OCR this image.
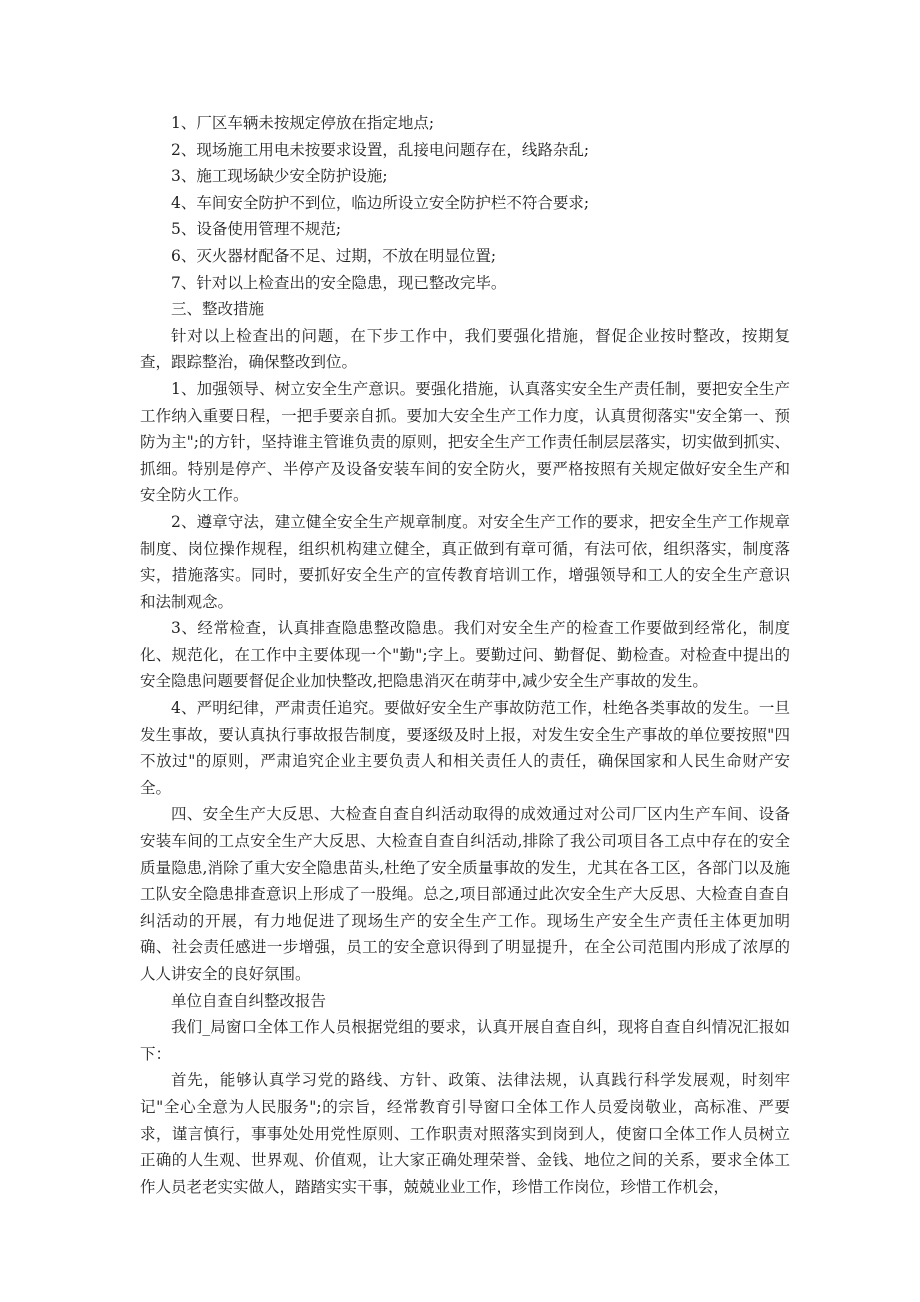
1、厂区车辆未按规定停放在指定地点;

2、现场施工用电未按要求设置，乱接电问题存在，线路杂乱;

3、施工现场缺少安全防护设施;

4、车间安全防护不到位，临边所设立安全防护栏不符合要求;

5、设备使用管理不规范;

6、灭火器材配备不足、过期，不放在明显位置;

7、针对以上检查出的安全隐患，现已整改完毕。

三、整改措施

针对以上检查出的问题，在下步工作中，我们要强化措施，督促企业按时整改，按期复查，跟踪整治，确保整改到位。

1、加强领导、树立安全生产意识。要强化措施，认真落实安全生产责任制，要把安全生产工作纳入重要日程，一把手要亲自抓。要加大安全生产工作力度，认真贯彻落实"安全第一、预防为主";的方针，坚持谁主管谁负责的原则，把安全生产工作责任制层层落实，切实做到抓实、抓细。特别是停产、半停产及设备安装车间的安全防火，要严格按照有关规定做好安全生产和安全防火工作。

2、遵章守法，建立健全安全生产规章制度。对安全生产工作的要求，把安全生产工作规章制度、岗位操作规程，组织机构建立健全，真正做到有章可循，有法可依，组织落实，制度落实，措施落实。同时，要抓好安全生产的宣传教育培训工作，增强领导和工人的安全生产意识和法制观念。

3、经常检查，认真排查隐患整改隐患。我们对安全生产的检查工作要做到经常化，制度化、规范化，在工作中主要体现一个"勤";字上。要勤过问、勤督促、勤检查。对检查中提出的安全隐患问题要督促企业加快整改,把隐患消灭在萌芽中,减少安全生产事故的发生。

4、严明纪律，严肃责任追究。要做好安全生产事故防范工作，杜绝各类事故的发生。一旦发生事故，要认真执行事故报告制度，要逐级及时上报，对发生安全生产事故的单位要按照"四不放过"的原则，严肃追究企业主要负责人和相关责任人的责任，确保国家和人民生命财产安全。

四、安全生产大反思、大检查自查自纠活动取得的成效通过对公司厂区内生产车间、设备安装车间的工点安全生产大反思、大检查自查自纠活动,排除了我公司项目各工点中存在的安全质量隐患,消除了重大安全隐患苗头,杜绝了安全质量事故的发生，尤其在各工区，各部门以及施工队安全隐患排查意识上形成了一股绳。总之,项目部通过此次安全生产大反思、大检查自查自纠活动的开展，有力地促进了现场生产的安全生产工作。现场生产安全生产责任主体更加明确、社会责任感进一步增强，员工的安全意识得到了明显提升，在全公司范围内形成了浓厚的人人讲安全的良好氛围。

单位自查自纠整改报告

我们_局窗口全体工作人员根据党组的要求，认真开展自查自纠，现将自查自纠情况汇报如下：

首先，能够认真学习党的路线、方针、政策、法律法规，认真践行科学发展观，时刻牢记"全心全意为人民服务";的宗旨，经常教育引导窗口全体工作人员爱岗敬业，高标准、严要求，谨言慎行，事事处处用党性原则、工作职责对照落实到岗到人，使窗口全体工作人员树立正确的人生观、世界观、价值观，让大家正确处理荣誉、金钱、地位之间的关系，要求全体工作人员老老实实做人，踏踏实实干事，兢兢业业工作，珍惜工作岗位，珍惜工作机会，
